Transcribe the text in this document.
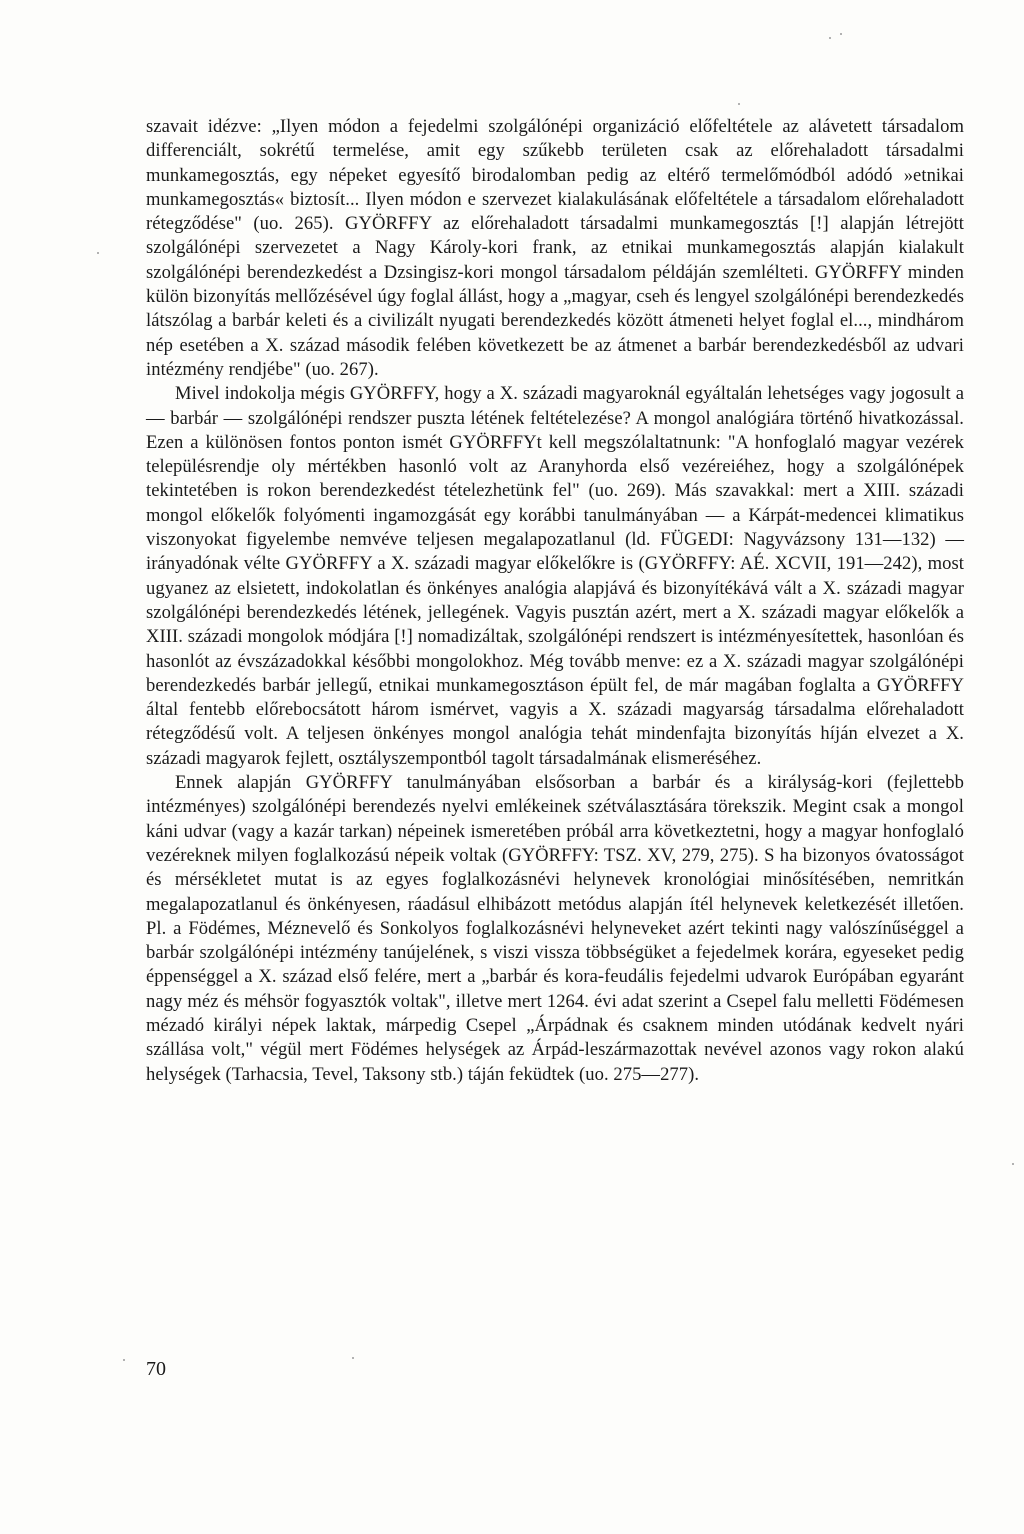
szavait idézve: „Ilyen módon a fejedelmi szolgálónépi organizáció előfeltétele az alávetett társadalom differenciált, sokrétű termelése, amit egy szűkebb területen csak az előrehaladott társadalmi munkamegosztás, egy népeket egyesítő birodalomban pedig az eltérő termelőmódból adódó »etnikai munkamegosztás« biztosít... Ilyen módon e szervezet kialakulásának előfeltétele a társadalom előrehaladott rétegződése" (uo. 265). GYÖRFFY az előrehaladott társadalmi munkamegosztás [!] alapján létrejött szolgálónépi szervezetet a Nagy Károly-kori frank, az etnikai munkamegosztás alapján kialakult szolgálónépi berendezkedést a Dzsingisz-kori mongol társadalom példáján szemlélteti. GYÖRFFY minden külön bizonyítás mellőzésével úgy foglal állást, hogy a „magyar, cseh és lengyel szolgálónépi berendezkedés látszólag a barbár keleti és a civilizált nyugati berendezkedés között átmeneti helyet foglal el..., mindhárom nép esetében a X. század második felében következett be az átmenet a barbár berendezkedésből az udvari intézmény rendjébe" (uo. 267).

Mivel indokolja mégis GYÖRFFY, hogy a X. századi magyaroknál egyáltalán lehetséges vagy jogosult a — barbár — szolgálónépi rendszer puszta létének feltételezése? A mongol analógiára történő hivatkozással. Ezen a különösen fontos ponton ismét GYÖRFFYt kell megszólaltatnunk: "A honfoglaló magyar vezérek településrendje oly mértékben hasonló volt az Aranyhorda első vezéreiéhez, hogy a szolgálónépek tekintetében is rokon berendezkedést tételezhetünk fel" (uo. 269). Más szavakkal: mert a XIII. századi mongol előkelők folyómenti ingamozgását egy korábbi tanulmányában — a Kárpát-medencei klimatikus viszonyokat figyelembe nemvéve teljesen megalapozatlanul (ld. FÜGEDI: Nagyvázsony 131—132) — irányadónak vélte GYÖRFFY a X. századi magyar előkelőkre is (GYÖRFFY: AÉ. XCVII, 191—242), most ugyanez az elsietett, indokolatlan és önkényes analógia alapjává és bizonyítékává vált a X. századi magyar szolgálónépi berendezkedés létének, jellegének. Vagyis pusztán azért, mert a X. századi magyar előkelők a XIII. századi mongolok módjára [!] nomadizáltak, szolgálónépi rendszert is intézményesítettek, hasonlóan és hasonlót az évszázadokkal későbbi mongolokhoz. Még tovább menve: ez a X. századi magyar szolgálónépi berendezkedés barbár jellegű, etnikai munkamegosztáson épült fel, de már magában foglalta a GYÖRFFY által fentebb előrebocsátott három ismérvet, vagyis a X. századi magyarság társadalma előrehaladott rétegződésű volt. A teljesen önkényes mongol analógia tehát mindenfajta bizonyítás híján elvezet a X. századi magyarok fejlett, osztályszempontból tagolt társadalmának elismeréséhez.

Ennek alapján GYÖRFFY tanulmányában elsősorban a barbár és a királyság-kori (fejlettebb intézményes) szolgálónépi berendezés nyelvi emlékeinek szétválasztására törekszik. Megint csak a mongol káni udvar (vagy a kazár tarkan) népeinek ismeretében próbál arra következtetni, hogy a magyar honfoglaló vezéreknek milyen foglalkozású népeik voltak (GYÖRFFY: TSZ. XV, 279, 275). S ha bizonyos óvatosságot és mérsékletet mutat is az egyes foglalkozásnévi helynevek kronológiai minősítésében, nemritkán megalapozatlanul és önkényesen, ráadásul elhibázott metódus alapján ítél helynevek keletkezését illetően. Pl. a Födémes, Méznevelő és Sonkolyos foglalkozásnévi helyneveket azért tekinti nagy valószínűséggel a barbár szolgálónépi intézmény tanújelének, s viszi vissza többségüket a fejedelmek korára, egyeseket pedig éppenséggel a X. század első felére, mert a „barbár és kora-feudális fejedelmi udvarok Európában egyaránt nagy méz és méhsör fogyasztók voltak", illetve mert 1264. évi adat szerint a Csepel falu melletti Födémesen mézadó királyi népek laktak, márpedig Csepel „Árpádnak és csaknem minden utódának kedvelt nyári szállása volt," végül mert Födémes helységek az Árpád-leszármazottak nevével azonos vagy rokon alakú helységek (Tarhacsia, Tevel, Taksony stb.) táján feküdtek (uo. 275—277).

70
